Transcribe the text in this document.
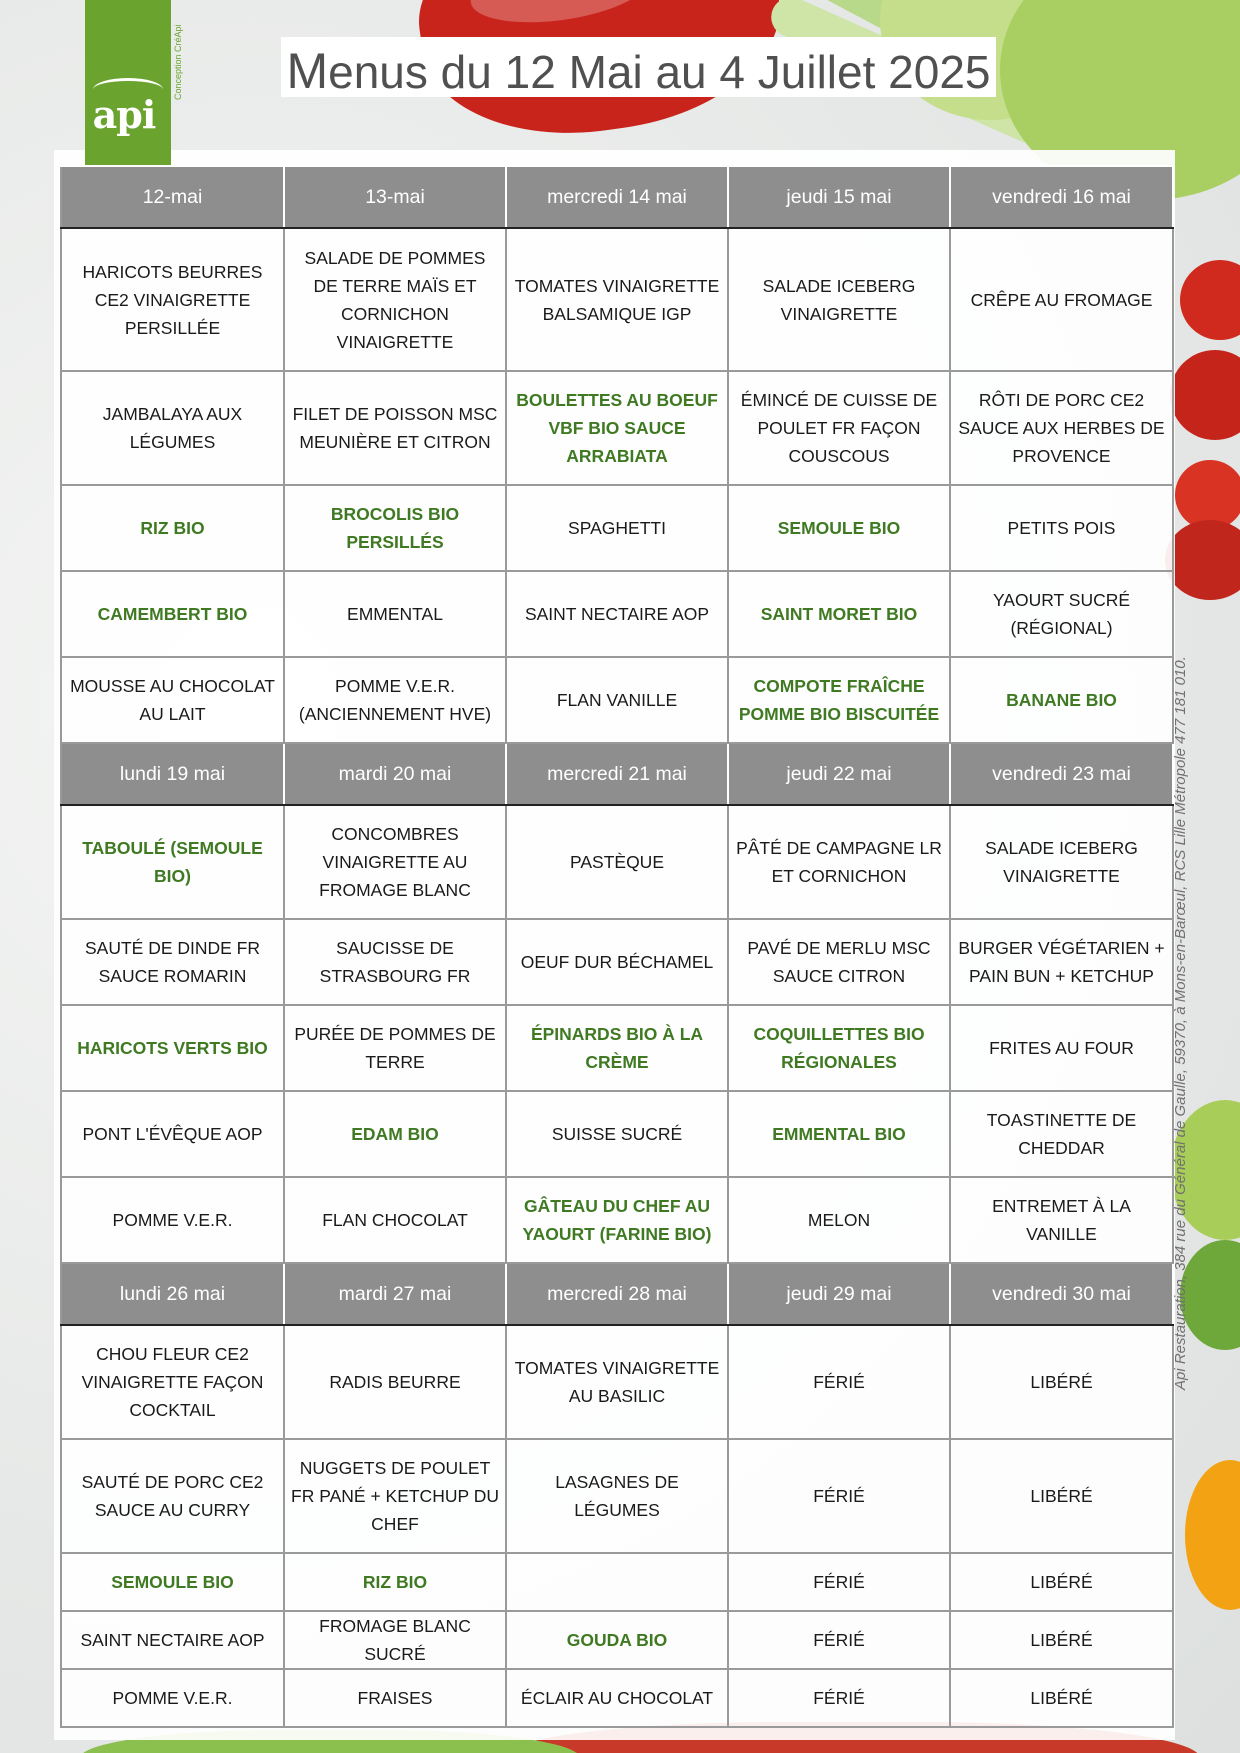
api
Conception CréApi Menus du 12 Mai au 4 Juillet 2025
12-mai	13-mai	mercredi 14 mai	jeudi 15 mai	vendredi 16 mai
HARICOTS BEURRES CE2 VINAIGRETTE PERSILLÉE	SALADE DE POMMES DE TERRE MAÏS ET CORNICHON VINAIGRETTE	TOMATES VINAIGRETTE BALSAMIQUE IGP	SALADE ICEBERG VINAIGRETTE	CRÊPE AU FROMAGE
JAMBALAYA AUX LÉGUMES	FILET DE POISSON MSC MEUNIÈRE ET CITRON	BOULETTES AU BOEUF VBF BIO SAUCE ARRABIATA	ÉMINCÉ DE CUISSE DE POULET FR FAÇON COUSCOUS	RÔTI DE PORC CE2 SAUCE AUX HERBES DE PROVENCE
RIZ BIO	BROCOLIS BIO PERSILLÉS	SPAGHETTI	SEMOULE BIO	PETITS POIS
CAMEMBERT BIO	EMMENTAL	SAINT NECTAIRE AOP	SAINT MORET BIO	YAOURT SUCRÉ (RÉGIONAL)
MOUSSE AU CHOCOLAT AU LAIT	POMME V.E.R. (ANCIENNEMENT HVE)	FLAN VANILLE	COMPOTE FRAÎCHE POMME BIO BISCUITÉE	BANANE BIO
lundi 19 mai	mardi 20 mai	mercredi 21 mai	jeudi 22 mai	vendredi 23 mai
TABOULÉ (SEMOULE BIO)	CONCOMBRES VINAIGRETTE AU FROMAGE BLANC	PASTÈQUE	PÂTÉ DE CAMPAGNE LR ET CORNICHON	SALADE ICEBERG VINAIGRETTE
SAUTÉ DE DINDE FR SAUCE ROMARIN	SAUCISSE DE STRASBOURG FR	OEUF DUR BÉCHAMEL	PAVÉ DE MERLU MSC SAUCE CITRON	BURGER VÉGÉTARIEN + PAIN BUN + KETCHUP
HARICOTS VERTS BIO	PURÉE DE POMMES DE TERRE	ÉPINARDS BIO À LA CRÈME	COQUILLETTES BIO RÉGIONALES	FRITES AU FOUR
PONT L'ÉVÊQUE AOP	EDAM BIO	SUISSE SUCRÉ	EMMENTAL BIO	TOASTINETTE DE CHEDDAR
POMME V.E.R.	FLAN CHOCOLAT	GÂTEAU DU CHEF AU YAOURT (FARINE BIO)	MELON	ENTREMET À LA VANILLE
lundi 26 mai	mardi 27 mai	mercredi 28 mai	jeudi 29 mai	vendredi 30 mai
CHOU FLEUR CE2 VINAIGRETTE FAÇON COCKTAIL	RADIS BEURRE	TOMATES VINAIGRETTE AU BASILIC	FÉRIÉ	LIBÉRÉ
SAUTÉ DE PORC CE2 SAUCE AU CURRY	NUGGETS DE POULET FR PANÉ + KETCHUP DU CHEF	LASAGNES DE LÉGUMES	FÉRIÉ	LIBÉRÉ
SEMOULE BIO	RIZ BIO		FÉRIÉ	LIBÉRÉ
SAINT NECTAIRE AOP	FROMAGE BLANC SUCRÉ	GOUDA BIO	FÉRIÉ	LIBÉRÉ
POMME V.E.R.	FRAISES	ÉCLAIR AU CHOCOLAT	FÉRIÉ	LIBÉRÉ
Api Restauration, 384 rue du Général de Gaulle, 59370, à Mons-en-Barœul, RCS Lille Métropole 477 181 010.
